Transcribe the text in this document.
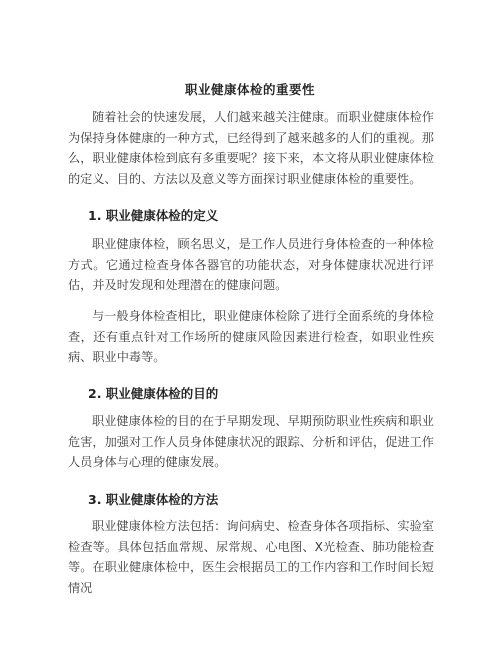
职业健康体检的重要性

随着社会的快速发展，人们越来越关注健康。而职业健康体检作为保持身体健康的一种方式，已经得到了越来越多的人们的重视。那么，职业健康体检到底有多重要呢？接下来，本文将从职业健康体检的定义、目的、方法以及意义等方面探讨职业健康体检的重要性。

1. 职业健康体检的定义

职业健康体检，顾名思义，是工作人员进行身体检查的一种体检方式。它通过检查身体各器官的功能状态，对身体健康状况进行评估，并及时发现和处理潜在的健康问题。

与一般身体检查相比，职业健康体检除了进行全面系统的身体检查，还有重点针对工作场所的健康风险因素进行检查，如职业性疾病、职业中毒等。

2. 职业健康体检的目的

职业健康体检的目的在于早期发现、早期预防职业性疾病和职业危害，加强对工作人员身体健康状况的跟踪、分析和评估，促进工作人员身体与心理的健康发展。

3. 职业健康体检的方法

职业健康体检方法包括：询问病史、检查身体各项指标、实验室检查等。具体包括血常规、尿常规、心电图、X光检查、肺功能检查等。在职业健康体检中，医生会根据员工的工作内容和工作时间长短情况
